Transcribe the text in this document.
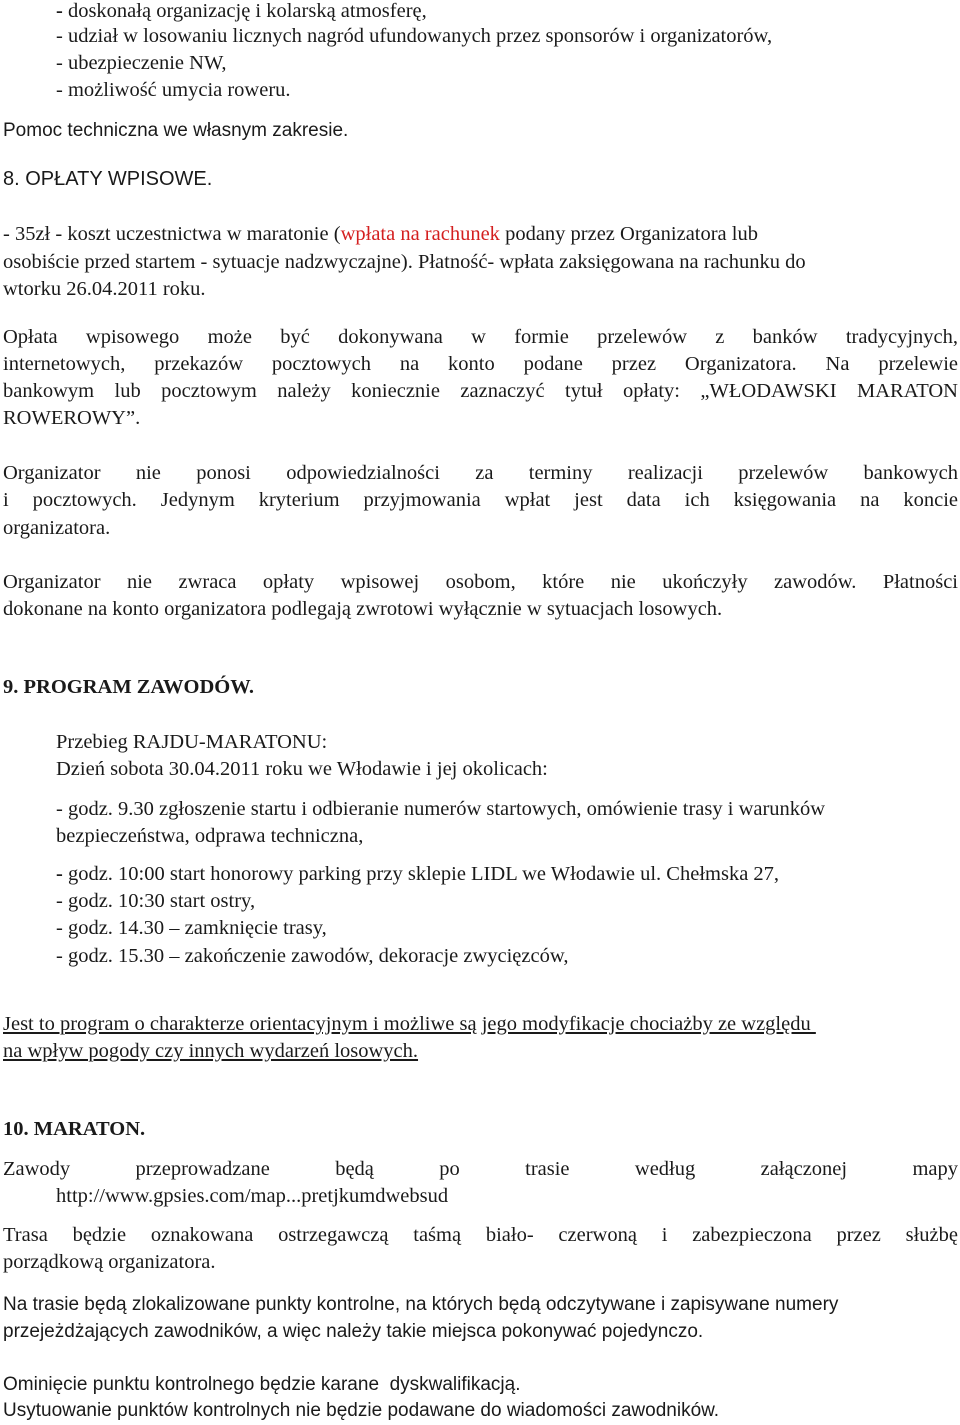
- doskonałą organizację i kolarską atmosferę,
- udział w losowaniu licznych nagród ufundowanych przez sponsorów i organizatorów,
- ubezpieczenie NW,
- możliwość umycia roweru.
Pomoc techniczna we własnym zakresie.
8. OPŁATY WPISOWE.
- 35zł - koszt uczestnictwa w maratonie (wpłata na rachunek podany przez Organizatora lub
osobiście przed startem - sytuacje nadzwyczajne). Płatność- wpłata zaksięgowana na rachunku do
wtorku 26.04.2011 roku.
Opłata wpisowego może być dokonywana w formie przelewów z banków tradycyjnych,
internetowych, przekazów pocztowych na konto podane przez Organizatora. Na przelewie
bankowym lub pocztowym należy koniecznie zaznaczyć tytuł opłaty: „WŁODAWSKI MARATON
ROWEROWY”.
Organizator nie ponosi odpowiedzialności za terminy realizacji przelewów bankowych
i pocztowych. Jedynym kryterium przyjmowania wpłat jest data ich księgowania na koncie
organizatora.
Organizator nie zwraca opłaty wpisowej osobom, które nie ukończyły zawodów. Płatności
dokonane na konto organizatora podlegają zwrotowi wyłącznie w sytuacjach losowych.
9. PROGRAM ZAWODÓW.
Przebieg RAJDU-MARATONU:
Dzień sobota 30.04.2011 roku we Włodawie i jej okolicach:
- godz. 9.30 zgłoszenie startu i odbieranie numerów startowych, omówienie trasy i warunków
bezpieczeństwa, odprawa techniczna,
- godz. 10:00 start honorowy parking przy sklepie LIDL we Włodawie ul. Chełmska 27,
- godz. 10:30 start ostry,
- godz. 14.30 – zamknięcie trasy,
- godz. 15.30 – zakończenie zawodów, dekoracje zwycięzców,
Jest to program o charakterze orientacyjnym i możliwe są jego modyfikacje chociażby ze względu
na wpływ pogody czy innych wydarzeń losowych.
10. MARATON.
Zawody przeprowadzane będą po trasie według załączonej mapy
http://www.gpsies.com/map...pretjkumdwebsud
Trasa będzie oznakowana ostrzegawczą taśmą biało- czerwoną i zabezpieczona przez służbę
porządkową organizatora.
Na trasie będą zlokalizowane punkty kontrolne, na których będą odczytywane i zapisywane numery
przejeżdżających zawodników, a więc należy takie miejsca pokonywać pojedynczo.
Ominięcie punktu kontrolnego będzie karane  dyskwalifikacją.
Usytuowanie punktów kontrolnych nie będzie podawane do wiadomości zawodników.
